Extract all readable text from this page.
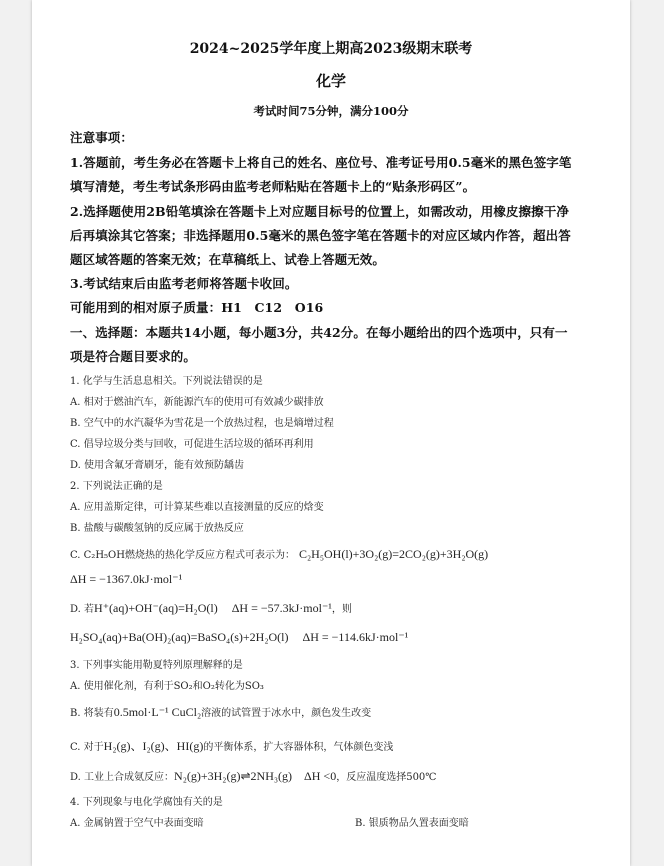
2024~2025学年度上期高2023级期末联考
化学
考试时间75分钟，满分100分
注意事项：
1.答题前，考生务必在答题卡上将自己的姓名、座位号、准考证号用0.5毫米的黑色签字笔
填写清楚，考生考试条形码由监考老师粘贴在答题卡上的“贴条形码区”。
2.选择题使用2B铅笔填涂在答题卡上对应题目标号的位置上，如需改动，用橡皮擦擦干净
后再填涂其它答案；非选择题用0.5毫米的黑色签字笔在答题卡的对应区域内作答，超出答
题区域答题的答案无效；在草稿纸上、试卷上答题无效。
3.考试结束后由监考老师将答题卡收回。
可能用到的相对原子质量：H1　C12　O16
一、选择题：本题共14小题，每小题3分，共42分。在每小题给出的四个选项中，只有一
项是符合题目要求的。
1. 化学与生活息息相关。下列说法错误的是
A. 相对于燃油汽车，新能源汽车的使用可有效减少碳排放
B. 空气中的水汽凝华为雪花是一个放热过程，也是熵增过程
C. 倡导垃圾分类与回收，可促进生活垃圾的循环再利用
D. 使用含氟牙膏刷牙，能有效预防龋齿
2. 下列说法正确的是
A. 应用盖斯定律，可计算某些难以直接测量的反应的焓变
B. 盐酸与碳酸氢钠的反应属于放热反应
C. C₂H₅OH燃烧热的热化学反应方程式可表示为： C₂H₅OH(l)+3O₂(g)=2CO₂(g)+3H₂O(g)
ΔH = −1367.0kJ·mol⁻¹
D. 若H⁺(aq)+OH⁻(aq)=H₂O(l) ΔH = −57.3kJ·mol⁻¹，则
H₂SO₄(aq)+Ba(OH)₂(aq)=BaSO₄(s)+2H₂O(l) ΔH = −114.6kJ·mol⁻¹
3. 下列事实能用勒夏特列原理解释的是
A. 使用催化剂，有利于SO₂和O₂转化为SO₃
B. 将装有0.5mol·L⁻¹ CuCl₂溶液的试管置于冰水中，颜色发生改变
C. 对于H₂(g)、I₂(g)、HI(g)的平衡体系，扩大容器体积，气体颜色变浅
D. 工业上合成氨反应：N₂(g)+3H₂(g)⇌2NH₃(g) ΔH <0，反应温度选择500℃
4. 下列现象与电化学腐蚀有关的是
A. 金属钠置于空气中表面变暗	B. 银质物品久置表面变暗
